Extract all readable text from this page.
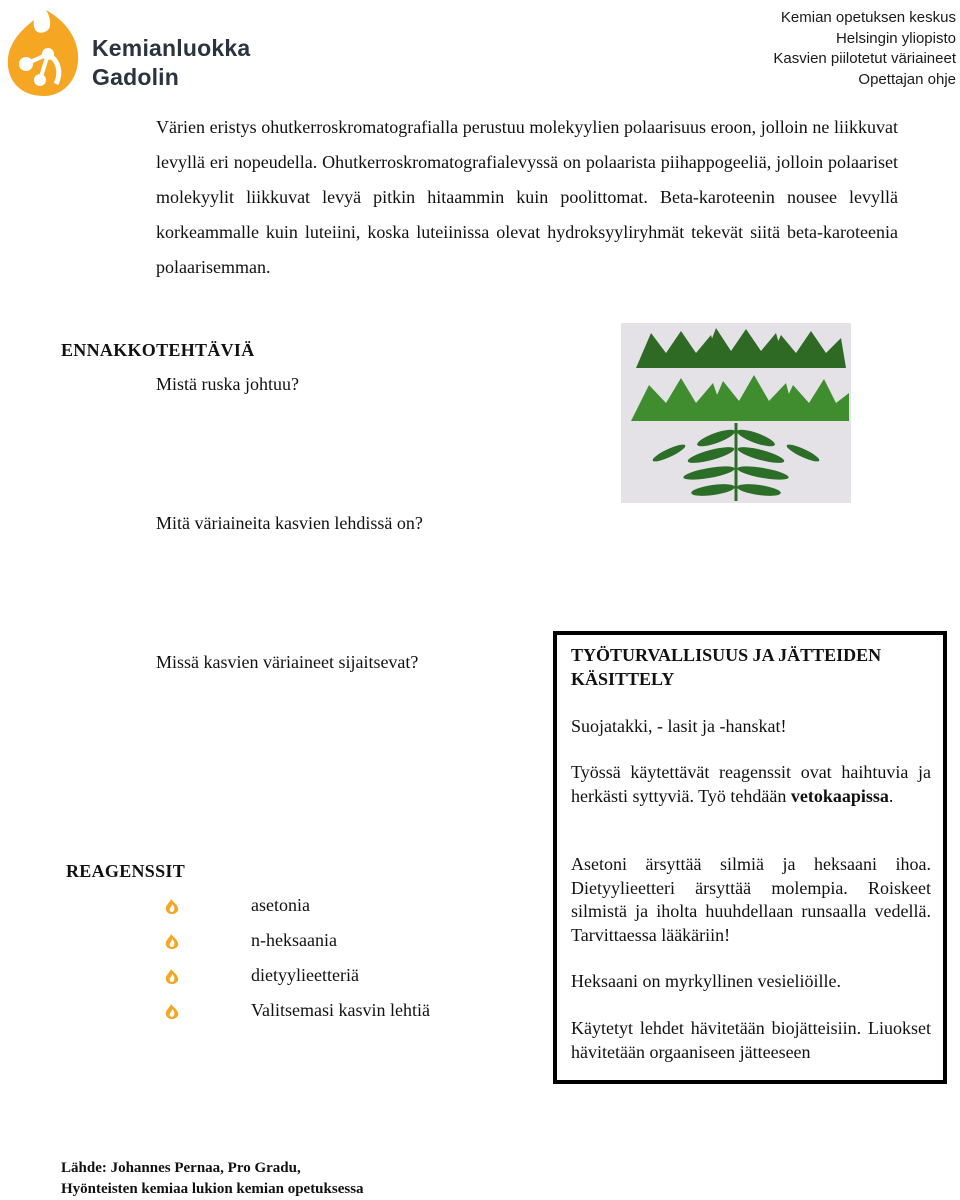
Kemianluokka
Gadolin
Kemian opetuksen keskus
Helsingin yliopisto
Kasvien piilotetut väriaineet
Opettajan ohje

Värien eristys ohutkerroskromatografialla perustuu molekyylien polaarisuus eroon, jolloin ne liikkuvat levyllä eri nopeudella. Ohutkerroskromatografialevyssä on polaarista piihappogeeliä, jolloin polaariset molekyylit liikkuvat levyä pitkin hitaammin kuin poolittomat. Beta-karoteenin nousee levyllä korkeammalle kuin luteiini, koska luteiinissa olevat hydroksyyliryhmät tekevät siitä beta-karoteenia polaarisemman.

ENNAKKOTEHTÄVIÄ
Mistä ruska johtuu?
Mitä väriaineita kasvien lehdissä on?
Missä kasvien väriaineet sijaitsevat?	TYÖTURVALLISUUS JA JÄTTEIDEN KÄSITTELY

Suojatakki, - lasit ja -hanskat!

Työssä käytettävät reagenssit ovat haihtuvia ja herkästi syttyviä. Työ tehdään vetokaapissa.

Asetoni ärsyttää silmiä ja heksaani ihoa. Dietyylieetteri ärsyttää molempia. Roiskeet silmistä ja iholta huuhdellaan runsaalla vedellä. Tarvittaessa lääkäriin!

Heksaani on myrkyllinen vesieliöille.

Käytetyt lehdet hävitetään biojätteisiin. Liuokset hävitetään orgaaniseen jätteeseen

REAGENSSIT
asetonia
n-heksaania
dietyylieetteriä
Valitsemasi kasvin lehtiä
Lähde: Johannes Pernaa, Pro Gradu,
Hyönteisten kemiaa lukion kemian opetuksessa
